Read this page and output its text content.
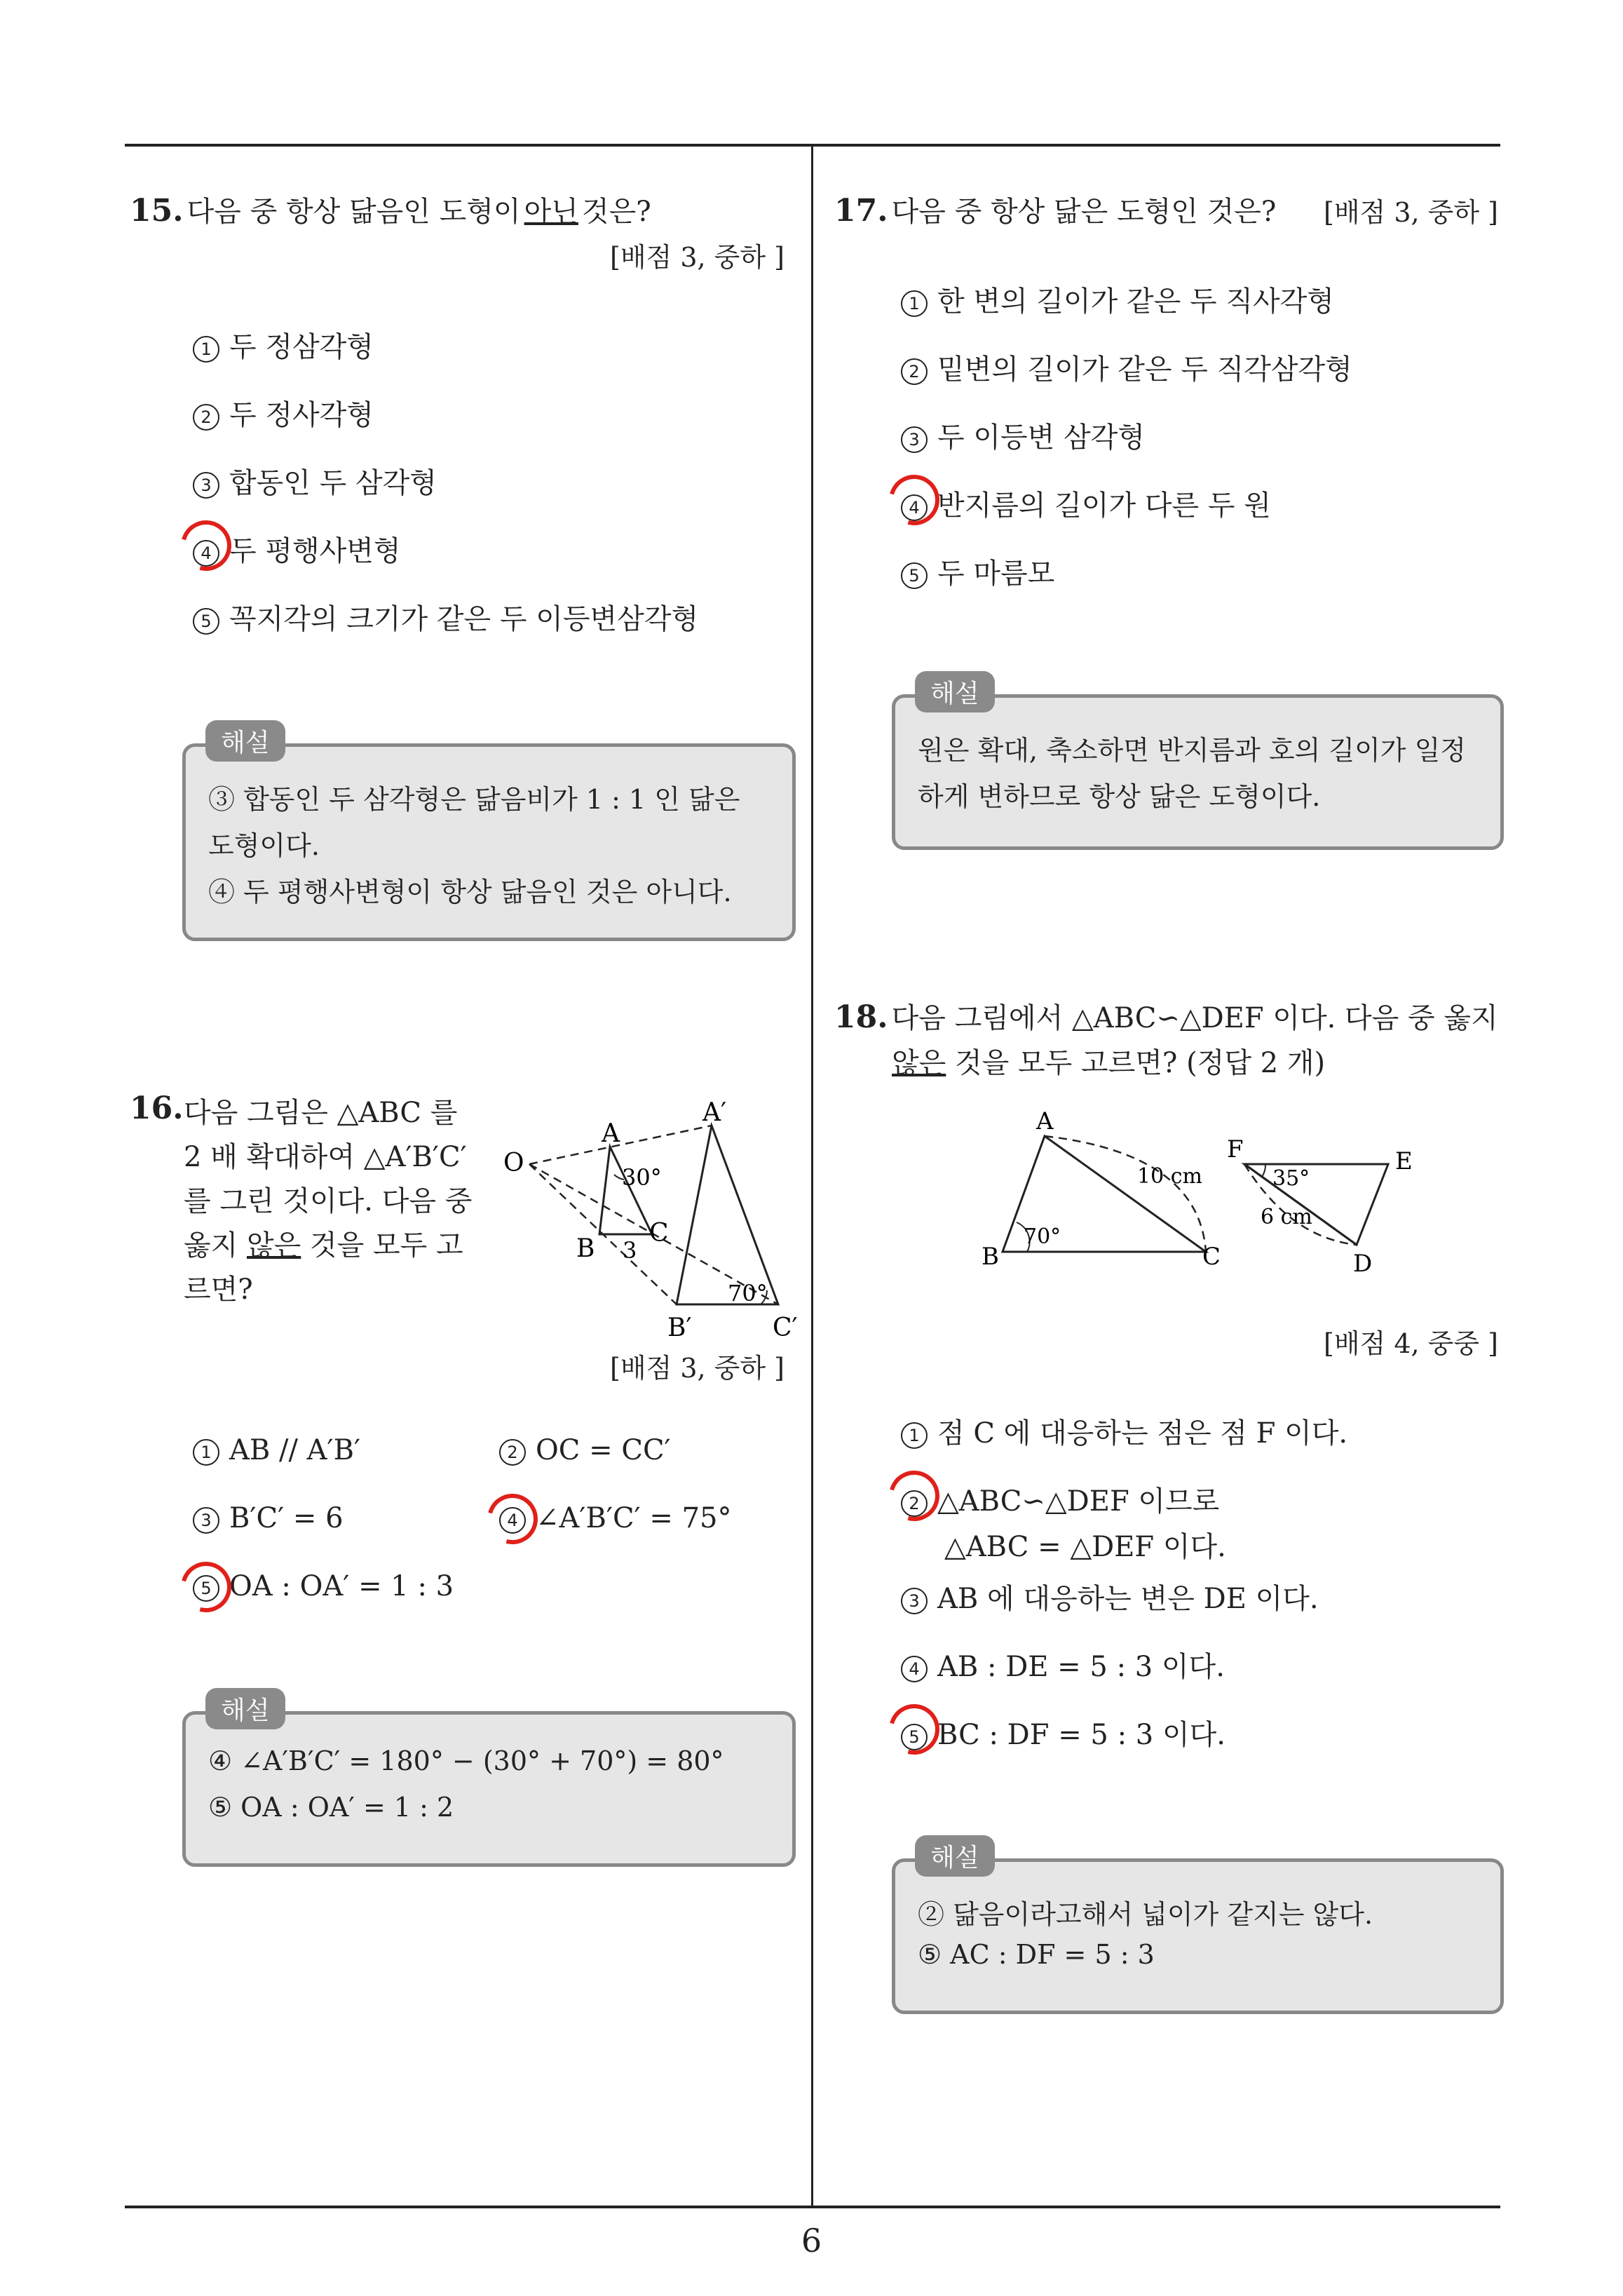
15. 다음 중 항상 닮음인 도형이 아닌 것은?
[배점 3, 중하 ]
1 두 정삼각형
2 두 정사각형
3 합동인 두 삼각형
4 두 평행사변형
5 꼭지각의 크기가 같은 두 이등변삼각형
해설
③ 합동인 두 삼각형은 닮음비가 1 : 1 인 닮은
도형이다.
④ 두 평행사변형이 항상 닮음인 것은 아니다.
16. 다음 그림은 △ABC 를
2 배 확대하여 △A′B′C′
를 그린 것이다. 다음 중
옳지 않은 것을 모두 고
르면?
O
A
B
C
A′
B′	C′
30°
3
70°
[배점 3, 중하 ]
1 AB // A′B′	2 OC = CC′
3 B′C′ = 6	4 ∠A′B′C′ = 75°
5 OA : OA′ = 1 : 3
해설
④ ∠A′B′C′ = 180° − (30° + 70°) = 80°
⑤ OA : OA′ = 1 : 2
17. 다음 중 항상 닮은 도형인 것은? [배점 3, 중하 ]
1 한 변의 길이가 같은 두 직사각형
2 밑변의 길이가 같은 두 직각삼각형
3 두 이등변 삼각형
4 반지름의 길이가 다른 두 원
5 두 마름모
해설
원은 확대, 축소하면 반지름과 호의 길이가 일정
하게 변하므로 항상 닮은 도형이다.
18. 다음 그림에서 △ABC∽△DEF 이다. 다음 중 옳지
않은 것을 모두 고르면? (정답 2 개)
A
B	C
F	E
D
10 cm
6 cm
70°
35°
[배점 4, 중중 ]
1 점 C 에 대응하는 점은 점 F 이다.
2 △ABC∽△DEF 이므로
△ABC = △DEF 이다.
3 AB 에 대응하는 변은 DE 이다.
4 AB : DE = 5 : 3 이다.
5 BC : DF = 5 : 3 이다.
해설
② 닮음이라고해서 넓이가 같지는 않다.
⑤ AC : DF = 5 : 3
6
